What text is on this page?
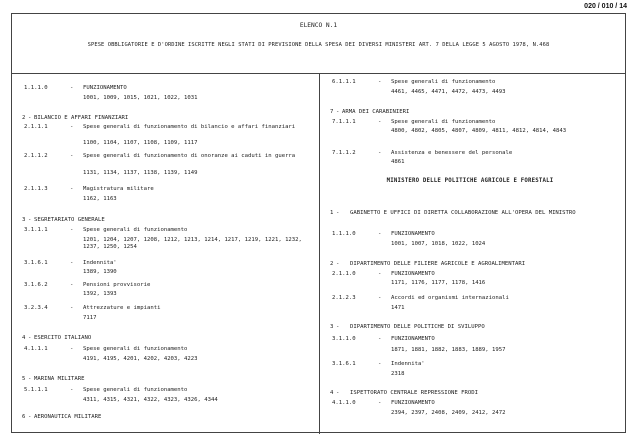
020 / 010 / 14
ELENCO N.1
SPESE OBBLIGATORIE E D'ORDINE ISCRITTE NEGLI STATI DI PREVISIONE DELLA SPESA DEI DIVERSI MINISTERI ART. 7 DELLA LEGGE 5 AGOSTO 1978, N.468
1.1.1.0	- FUNZIONAMENTO
1001, 1009, 1015, 1021, 1022, 1031
2 - BILANCIO E AFFARI FINANZIARI
2.1.1.1	- Spese generali di funzionamento di bilancio e affari finanziari
1100, 1104, 1107, 1108, 1109, 1117
2.1.1.2	- Spese generali di funzionamento di onoranze ai caduti in guerra
1131, 1134, 1137, 1138, 1139, 1149
2.1.1.3	- Magistratura militare
1162, 1163
3 - SEGRETARIATO GENERALE
3.1.1.1	- Spese generali di funzionamento
1201, 1204, 1207, 1208, 1212, 1213, 1214, 1217, 1219, 1221, 1232, 1237, 1250, 1254
3.1.6.1	- Indennita'
1389, 1390
3.1.6.2	- Pensioni provvisorie
1392, 1393
3.2.3.4	- Attrezzature e impianti
7117
4 - ESERCITO ITALIANO
4.1.1.1	- Spese generali di funzionamento
4191, 4195, 4201, 4202, 4203, 4223
5 - MARINA MILITARE
5.1.1.1	- Spese generali di funzionamento
4311, 4315, 4321, 4322, 4323, 4326, 4344
6 - AERONAUTICA MILITARE
6.1.1.1	- Spese generali di funzionamento
4461, 4465, 4471, 4472, 4473, 4493
7 - ARMA DEI CARABINIERI
7.1.1.1	- Spese generali di funzionamento
4800, 4802, 4805, 4807, 4809, 4811, 4812, 4814, 4843
7.1.1.2	- Assistenza e benessere del personale
4861
MINISTERO DELLE POLITICHE AGRICOLE E FORESTALI
1 - GABINETTO E UFFICI DI DIRETTA COLLABORAZIONE ALL'OPERA DEL MINISTRO
1.1.1.0	- FUNZIONAMENTO
1001, 1007, 1018, 1022, 1024
2 - DIPARTIMENTO DELLE FILIERE AGRICOLE E AGROALIMENTARI
2.1.1.0	- FUNZIONAMENTO
1171, 1176, 1177, 1178, 1416
2.1.2.3	- Accordi ed organismi internazionali
1471
3 - DIPARTIMENTO DELLE POLITICHE DI SVILUPPO
3.1.1.0	- FUNZIONAMENTO
1871, 1881, 1882, 1883, 1889, 1957
3.1.6.1	- Indennita'
2318
4 - ISPETTORATO CENTRALE REPRESSIONE FRODI
4.1.1.0	- FUNZIONAMENTO
2394, 2397, 2408, 2409, 2412, 2472
